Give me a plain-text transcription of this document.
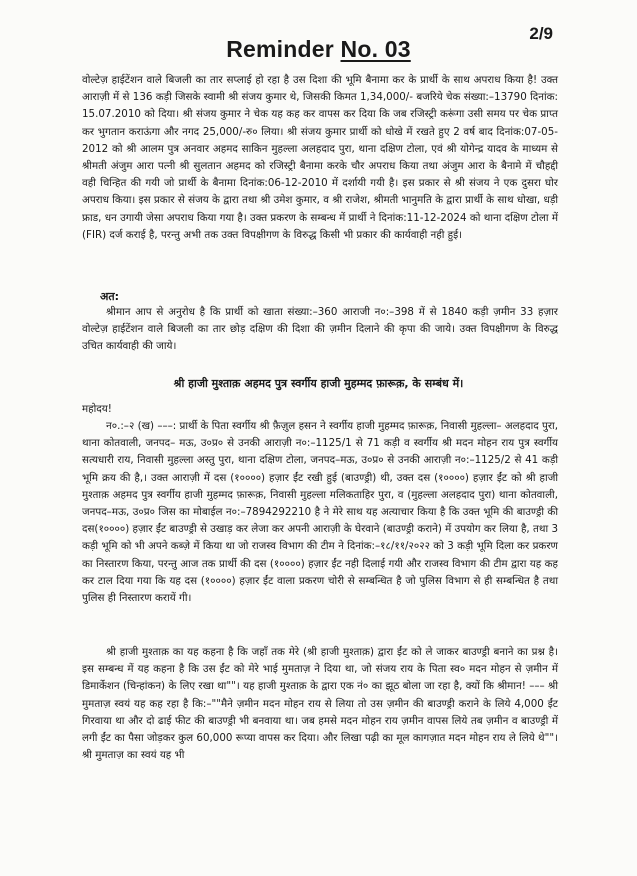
2/9
Reminder No. 03

वोल्टेज़ हाईटेंशन वाले बिजली का तार सप्लाई हो रहा है उस दिशा की भूमि बैनामा कर के प्रार्थी के साथ अपराध किया है! उक्त आराज़ी में से 136 कड़ी जिसके स्वामी श्री संजय कुमार थे, जिसकी किमत 1,34,000/- बजरिये चेक संख्या:–13790 दिनांक: 15.07.2010 को दिया। श्री संजय कुमार ने चेक यह कह कर वापस कर दिया कि जब रजिस्ट्री करूंगा उसी समय पर चेक प्राप्त कर भुगतान कराऊंगा और नगद 25,000/-रु० लिया। श्री संजय कुमार प्रार्थी को धोखे में रखते हुए 2 वर्ष बाद दिनांक:07-05-2012 को श्री आलम पुत्र अनवार अहमद साकिन मुहल्ला अलहदाद पुरा, थाना दक्षिण टोला, एवं श्री योगेन्द्र यादव के माध्यम से श्रीमती अंजुम आरा पत्नी श्री सुलतान अहमद को रजिस्ट्री बैनामा करके चौर अपराध किया तथा अंजुम आरा के बैनामे में चौहद्दी वही चिन्हित की गयी जो प्रार्थी के बैनामा दिनांक:06-12-2010 में दर्शायी गयी है। इस प्रकार से श्री संजय ने एक दुसरा घोर अपराध किया। इस प्रकार से संजय के द्वारा तथा श्री उमेश कुमार, व श्री राजेश, श्रीमती भानुमति के द्वारा प्रार्थी के साथ धोखा, धड़ी फ्राड, धन उगायी जेसा अपराध किया गया है। उक्त प्रकरण के सम्बन्ध में प्रार्थी ने दिनांक:11-12-2024 को थाना दक्षिण टोला में (FIR) दर्ज कराई है, परन्तु अभी तक उक्त विपक्षीगण के विरुद्ध किसी भी प्रकार की कार्यवाही नही हुई।

अत:

श्रीमान आप से अनुरोध है कि प्रार्थी को खाता संख्या:–360 आराजी न०:–398 में से 1840 कड़ी ज़मीन 33 हज़ार वोल्टेज़ हाईटेंशन वाले बिजली का तार छोड़ दक्षिण की दिशा की ज़मीन दिलाने की कृपा की जाये। उक्त विपक्षीगण के विरुद्ध उचित कार्यवाही की जाये।

श्री हाजी मुश्ताक़ अहमद पुत्र स्वर्गीय हाजी मुहम्मद फ़ारूक़, के सम्बंध में।
महोदय!

न०.:–२ (ख) –––: प्रार्थी के पिता स्वर्गीय श्री फ़ैज़ुल हसन ने स्वर्गीय हाजी मुहम्मद फ़ारूक़, निवासी मुहल्ला– अलहदाद पुरा, थाना कोतवाली, जनपद– मऊ, उ०प्र० से उनकी आराज़ी न०:–1125/1 से 71 कड़ी व स्वर्गीय श्री मदन मोहन राय पुत्र स्वर्गीय सत्यधारी राय, निवासी मुहल्ला अस्तु पुरा, थाना दक्षिण टोला, जनपद–मऊ, उ०प्र० से उनकी आराज़ी न०:–1125/2 से 41 कड़ी भूमि क्रय की है,। उक्त आराज़ी में दस (१००००) हज़ार ईंट रखी हुई (बाउण्ड्री) थी, उक्त दस (१००००) हज़ार ईंट को श्री हाजी मुश्ताक़ अहमद पुत्र स्वर्गीय हाजी मुहम्मद फ़ारूक़, निवासी मुहल्ला मलिकताहिर पुरा, व (मुहल्ला अलहदाद पुरा) थाना कोतवाली, जनपद–मऊ, उ०प्र० जिस का मोबाईल न०:–7894292210 है ने मेरे साथ यह अत्याचार किया है कि उक्त भूमि की बाउण्ड्री की दस(१००००) हज़ार ईंट बाउण्ड्री से उखाड़ कर लेजा कर अपनी आराज़ी के घेरवाने (बाउण्ड्री कराने) में उपयोग कर लिया है, तथा 3 कड़ी भूमि को भी अपने कब्ज़े में किया था जो राजस्व विभाग की टीम ने दिनांक:–१८/११/२०२२ को 3 कड़ी भूमि दिला कर प्रकरण का निस्तारण किया, परन्तु आज तक प्रार्थी की दस (१००००) हज़ार ईंट नही दिलाई गयी और राजस्व विभाग की टीम द्वारा यह कह कर टाल दिया गया कि यह दस (१००००) हज़ार ईंट वाला प्रकरण चोरी से सम्बन्धित है जो पुलिस विभाग से ही सम्बन्धित है तथा पुलिस ही निस्तारण करायें गी।

श्री हाजी मुश्ताक़ का यह कहना है कि जहाँ तक मेरे (श्री हाजी मुश्ताक़) द्वारा ईंट को ले जाकर बाउण्ड्री बनाने का प्रश्न है। इस सम्बन्ध में यह कहना है कि उस ईंट को मेरे भाई मुमताज़ ने दिया था, जो संजय राय के पिता स्व० मदन मोहन से ज़मीन में डिमार्केशन (चिन्हांकन) के लिए रखा था""। यह हाजी मुश्ताक़ के द्वारा एक नं० का झूठ बोला जा रहा है, क्यों कि श्रीमान! ––– श्री मुमताज़ स्वयं यह कह रहा है कि:–""मैने ज़मीन मदन मोहन राय से लिया तो उस ज़मीन की बाउण्ड्री कराने के लिये 4,000 ईंट गिरवाया था और दो ढाई फीट की बाउण्ड्री भी बनवाया था। जब हमसे मदन मोहन राय ज़मीन वापस लिये तब ज़मीन व बाउण्ड्री में लगी ईंट का पैसा जोड़कर कुल 60,000 रूप्या वापस कर दिया। और लिखा पढ़ी का मूल कागज़ात मदन मोहन राय ले लिये थे""। श्री मुमताज़ का स्वयं यह भी
